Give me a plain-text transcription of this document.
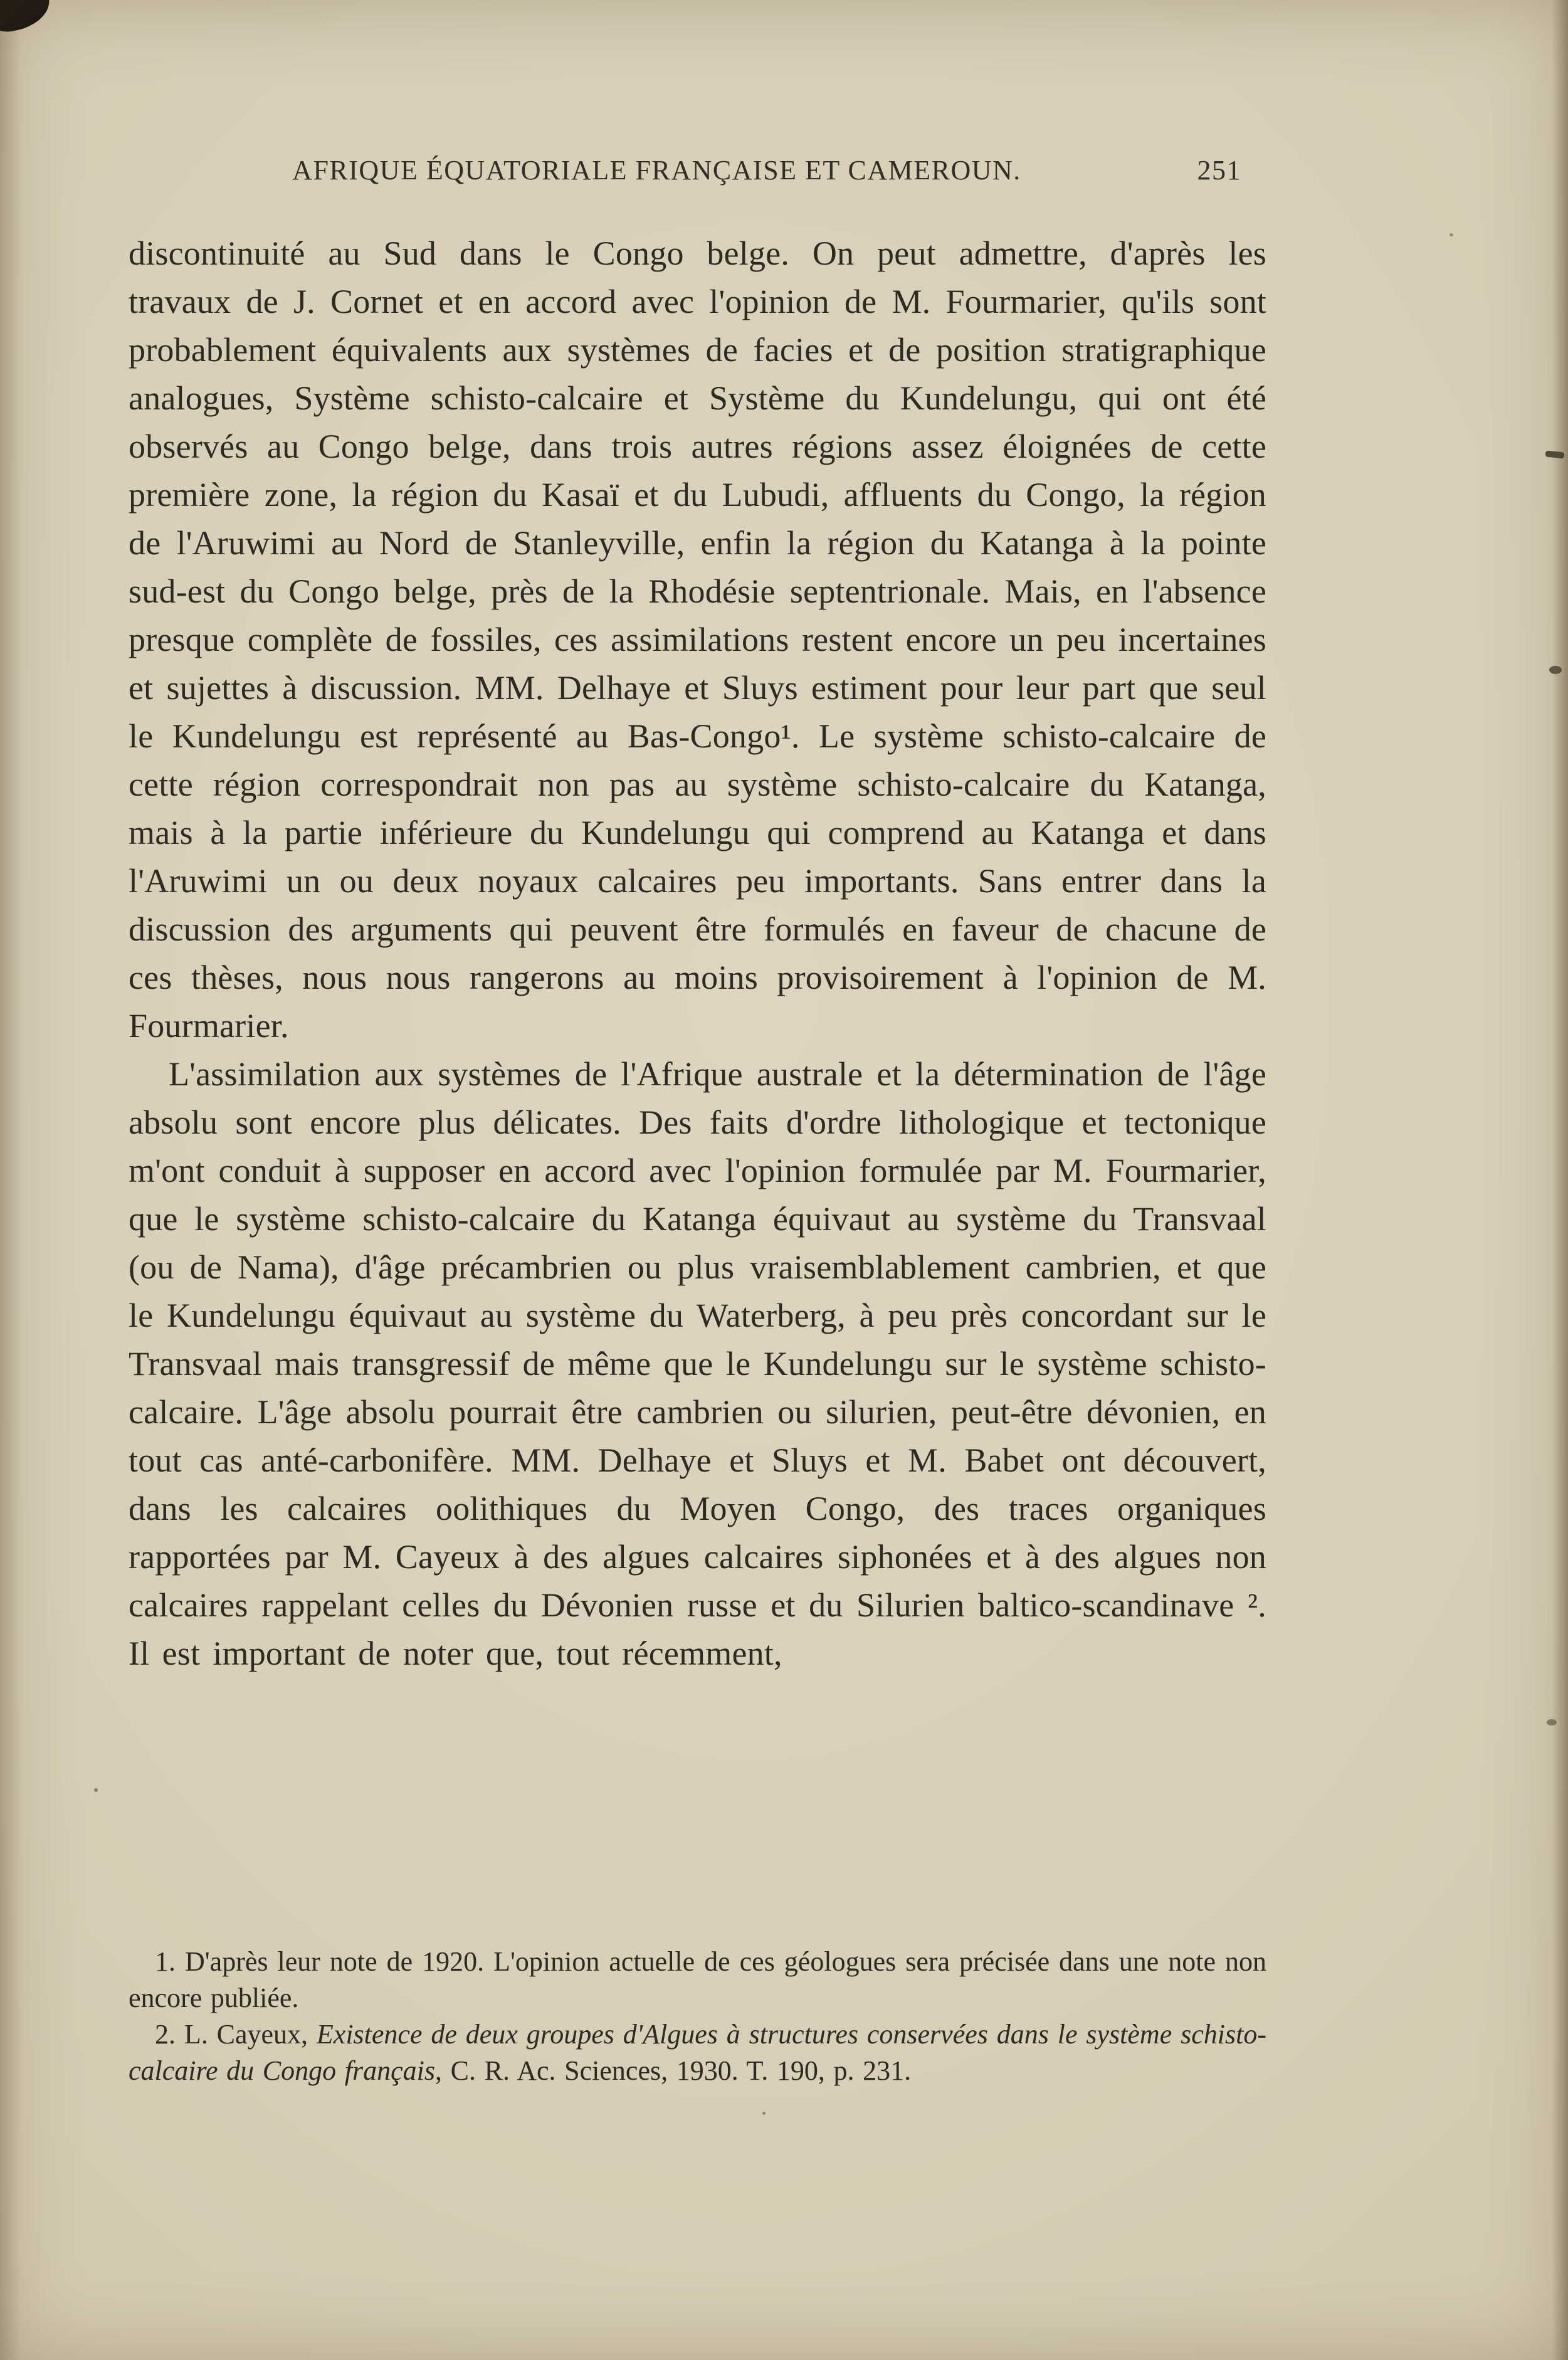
AFRIQUE ÉQUATORIALE FRANÇAISE ET CAMEROUN.	251

discontinuité au Sud dans le Congo belge. On peut admettre, d'après les travaux de J. Cornet et en accord avec l'opinion de M. Fourmarier, qu'ils sont probablement équivalents aux systèmes de facies et de position stratigraphique analogues, Système schisto-calcaire et Système du Kundelungu, qui ont été observés au Congo belge, dans trois autres régions assez éloignées de cette première zone, la région du Kasaï et du Lubudi, affluents du Congo, la région de l'Aruwimi au Nord de Stanleyville, enfin la région du Katanga à la pointe sud-est du Congo belge, près de la Rhodésie septentrionale. Mais, en l'absence presque complète de fossiles, ces assimilations restent encore un peu incertaines et sujettes à discussion. MM. Delhaye et Sluys estiment pour leur part que seul le Kundelungu est représenté au Bas-Congo¹. Le système schisto-calcaire de cette région correspondrait non pas au système schisto-calcaire du Katanga, mais à la partie inférieure du Kundelungu qui comprend au Katanga et dans l'Aruwimi un ou deux noyaux calcaires peu importants. Sans entrer dans la discussion des arguments qui peuvent être formulés en faveur de chacune de ces thèses, nous nous rangerons au moins provisoirement à l'opinion de M. Fourmarier.

L'assimilation aux systèmes de l'Afrique australe et la détermination de l'âge absolu sont encore plus délicates. Des faits d'ordre lithologique et tectonique m'ont conduit à supposer en accord avec l'opinion formulée par M. Fourmarier, que le système schisto-calcaire du Katanga équivaut au système du Transvaal (ou de Nama), d'âge précambrien ou plus vraisemblablement cambrien, et que le Kundelungu équivaut au système du Waterberg, à peu près concordant sur le Transvaal mais transgressif de même que le Kundelungu sur le système schisto-calcaire. L'âge absolu pourrait être cambrien ou silurien, peut-être dévonien, en tout cas anté-carbonifère. MM. Delhaye et Sluys et M. Babet ont découvert, dans les calcaires oolithiques du Moyen Congo, des traces organiques rapportées par M. Cayeux à des algues calcaires siphonées et à des algues non calcaires rappelant celles du Dévonien russe et du Silurien baltico-scandinave ². Il est important de noter que, tout récemment,

1. D'après leur note de 1920. L'opinion actuelle de ces géologues sera précisée dans une note non encore publiée.

2. L. Cayeux, Existence de deux groupes d'Algues à structures conservées dans le système schisto-calcaire du Congo français, C. R. Ac. Sciences, 1930. T. 190, p. 231.
